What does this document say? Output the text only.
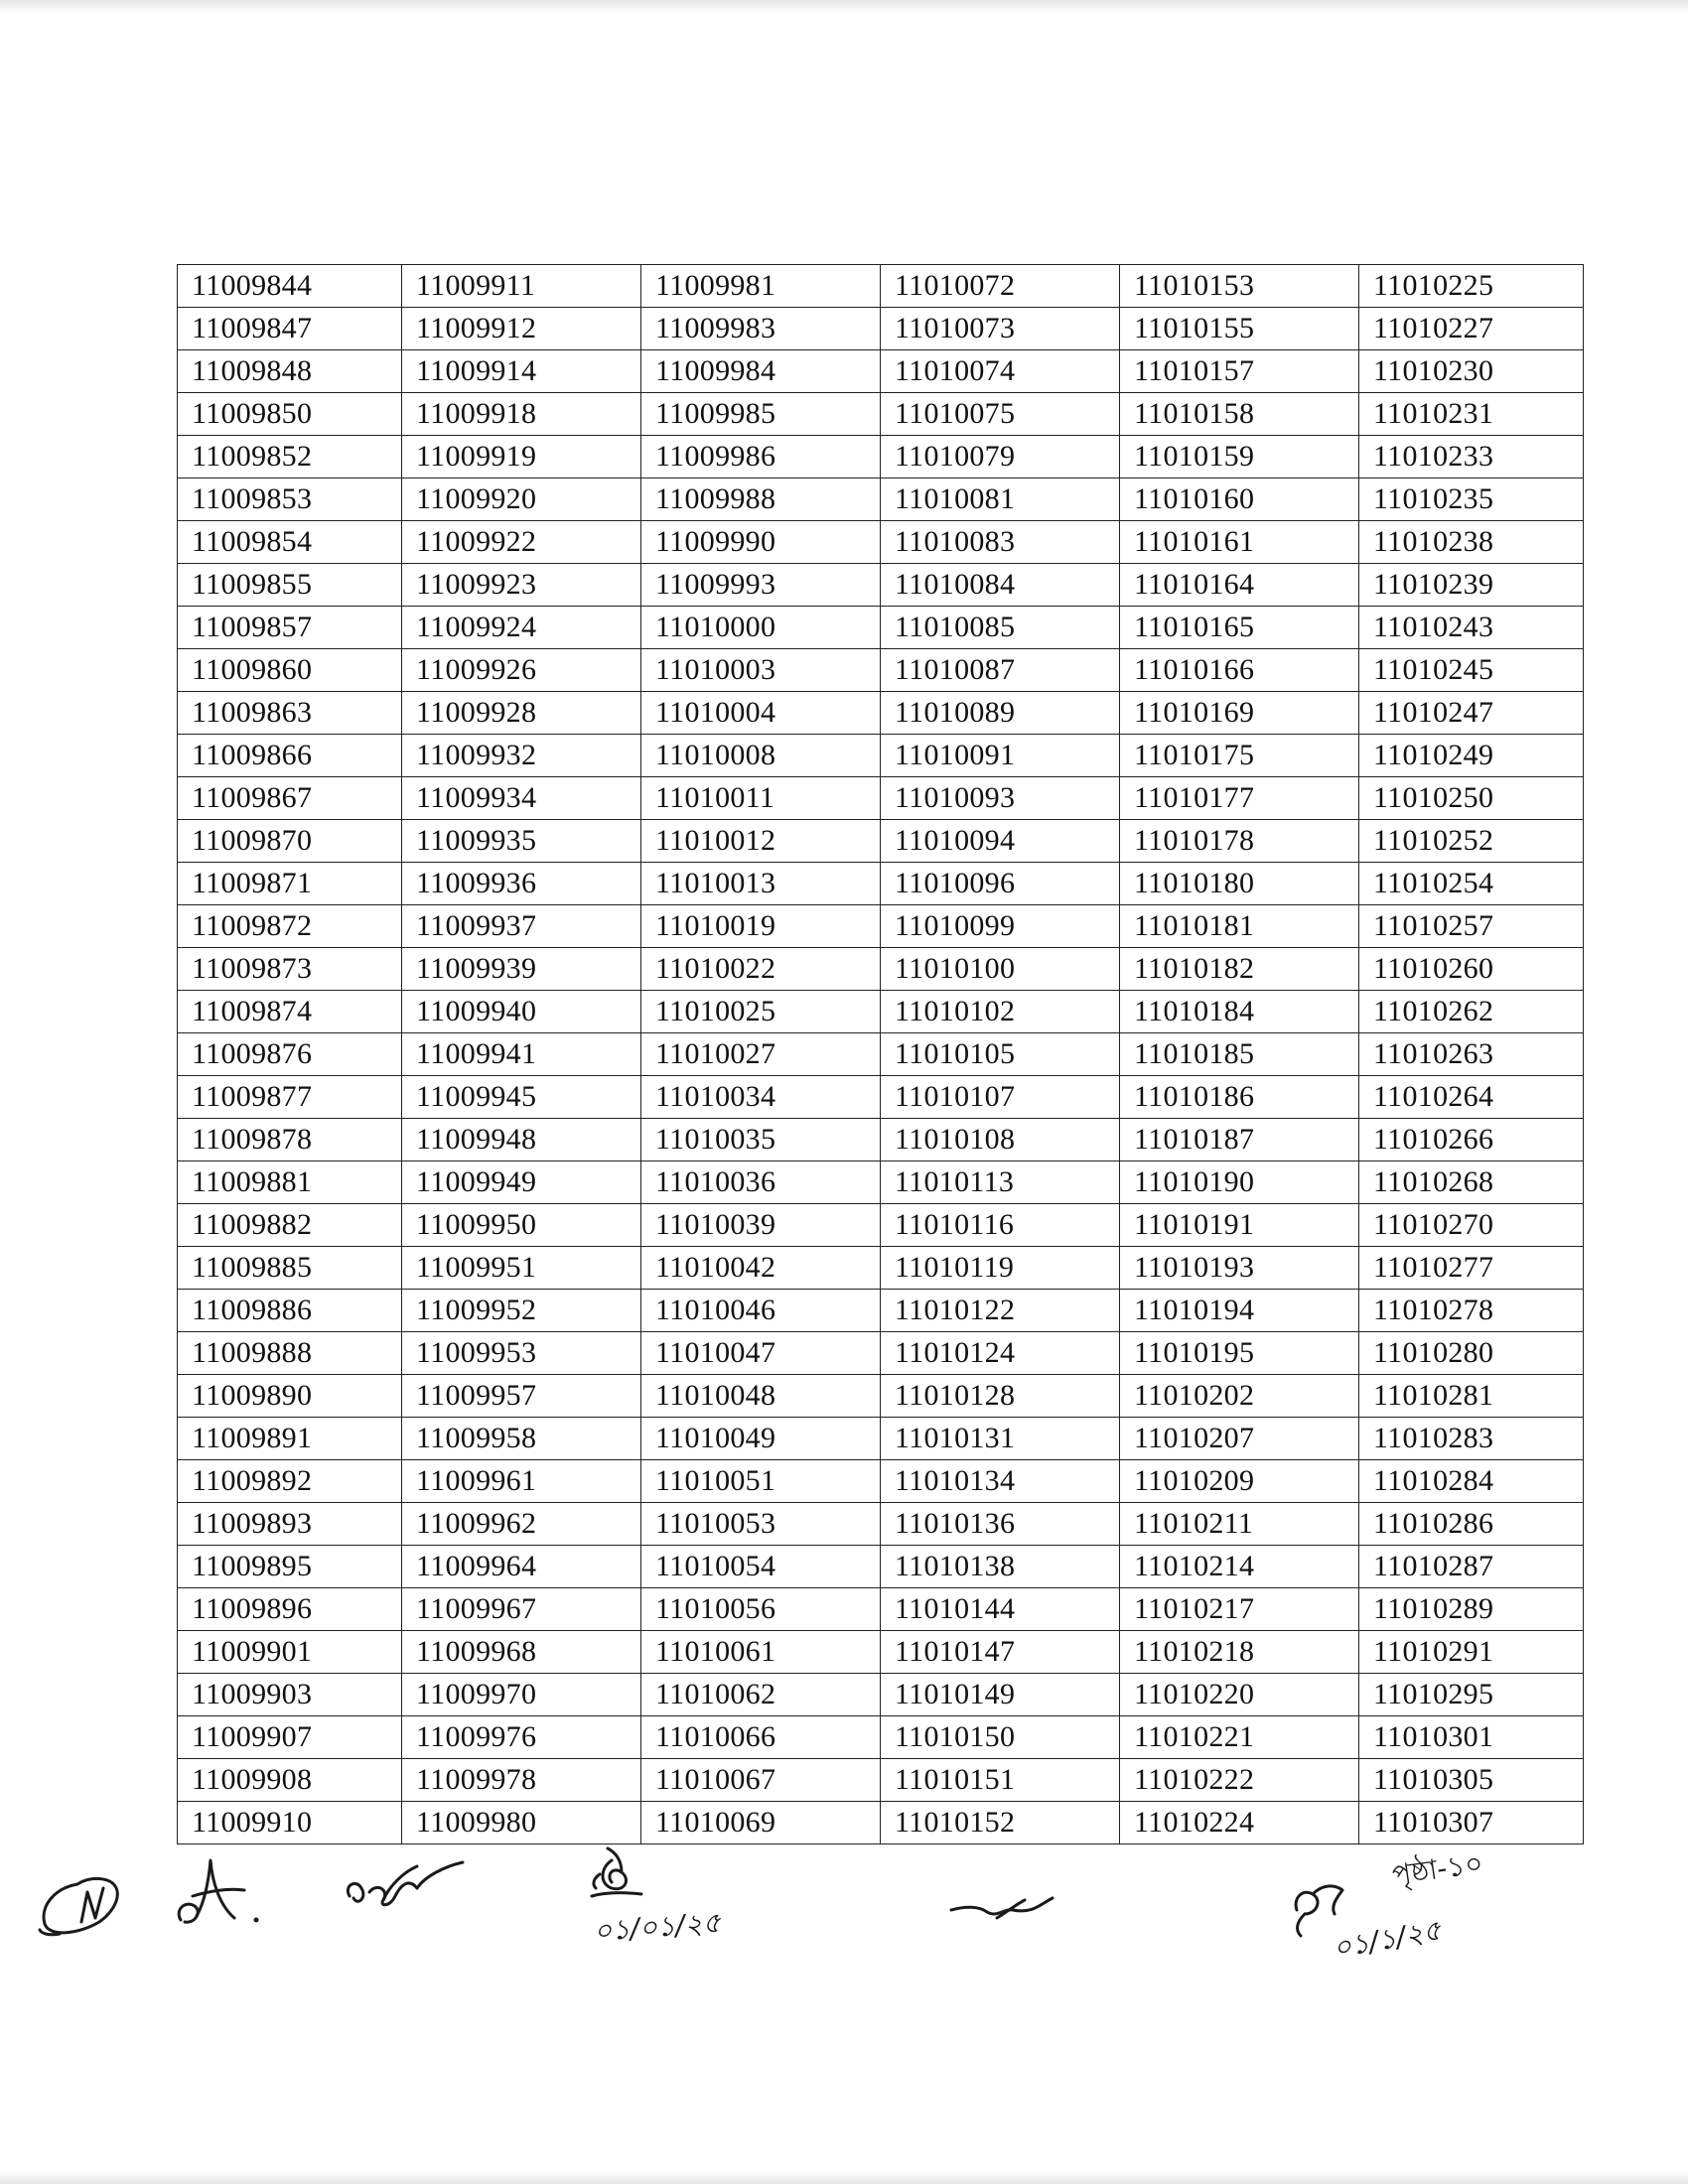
11009844	11009911	11009981	11010072	11010153	11010225
11009847	11009912	11009983	11010073	11010155	11010227
11009848	11009914	11009984	11010074	11010157	11010230
11009850	11009918	11009985	11010075	11010158	11010231
11009852	11009919	11009986	11010079	11010159	11010233
11009853	11009920	11009988	11010081	11010160	11010235
11009854	11009922	11009990	11010083	11010161	11010238
11009855	11009923	11009993	11010084	11010164	11010239
11009857	11009924	11010000	11010085	11010165	11010243
11009860	11009926	11010003	11010087	11010166	11010245
11009863	11009928	11010004	11010089	11010169	11010247
11009866	11009932	11010008	11010091	11010175	11010249
11009867	11009934	11010011	11010093	11010177	11010250
11009870	11009935	11010012	11010094	11010178	11010252
11009871	11009936	11010013	11010096	11010180	11010254
11009872	11009937	11010019	11010099	11010181	11010257
11009873	11009939	11010022	11010100	11010182	11010260
11009874	11009940	11010025	11010102	11010184	11010262
11009876	11009941	11010027	11010105	11010185	11010263
11009877	11009945	11010034	11010107	11010186	11010264
11009878	11009948	11010035	11010108	11010187	11010266
11009881	11009949	11010036	11010113	11010190	11010268
11009882	11009950	11010039	11010116	11010191	11010270
11009885	11009951	11010042	11010119	11010193	11010277
11009886	11009952	11010046	11010122	11010194	11010278
11009888	11009953	11010047	11010124	11010195	11010280
11009890	11009957	11010048	11010128	11010202	11010281
11009891	11009958	11010049	11010131	11010207	11010283
11009892	11009961	11010051	11010134	11010209	11010284
11009893	11009962	11010053	11010136	11010211	11010286
11009895	11009964	11010054	11010138	11010214	11010287
11009896	11009967	11010056	11010144	11010217	11010289
11009901	11009968	11010061	11010147	11010218	11010291
11009903	11009970	11010062	11010149	11010220	11010295
11009907	11009976	11010066	11010150	11010221	11010301
11009908	11009978	11010067	11010151	11010222	11010305
11009910	11009980	11010069	11010152	11010224	11010307
০১/০১/২৫
পৃষ্ঠা-১০
০১/১/২৫
